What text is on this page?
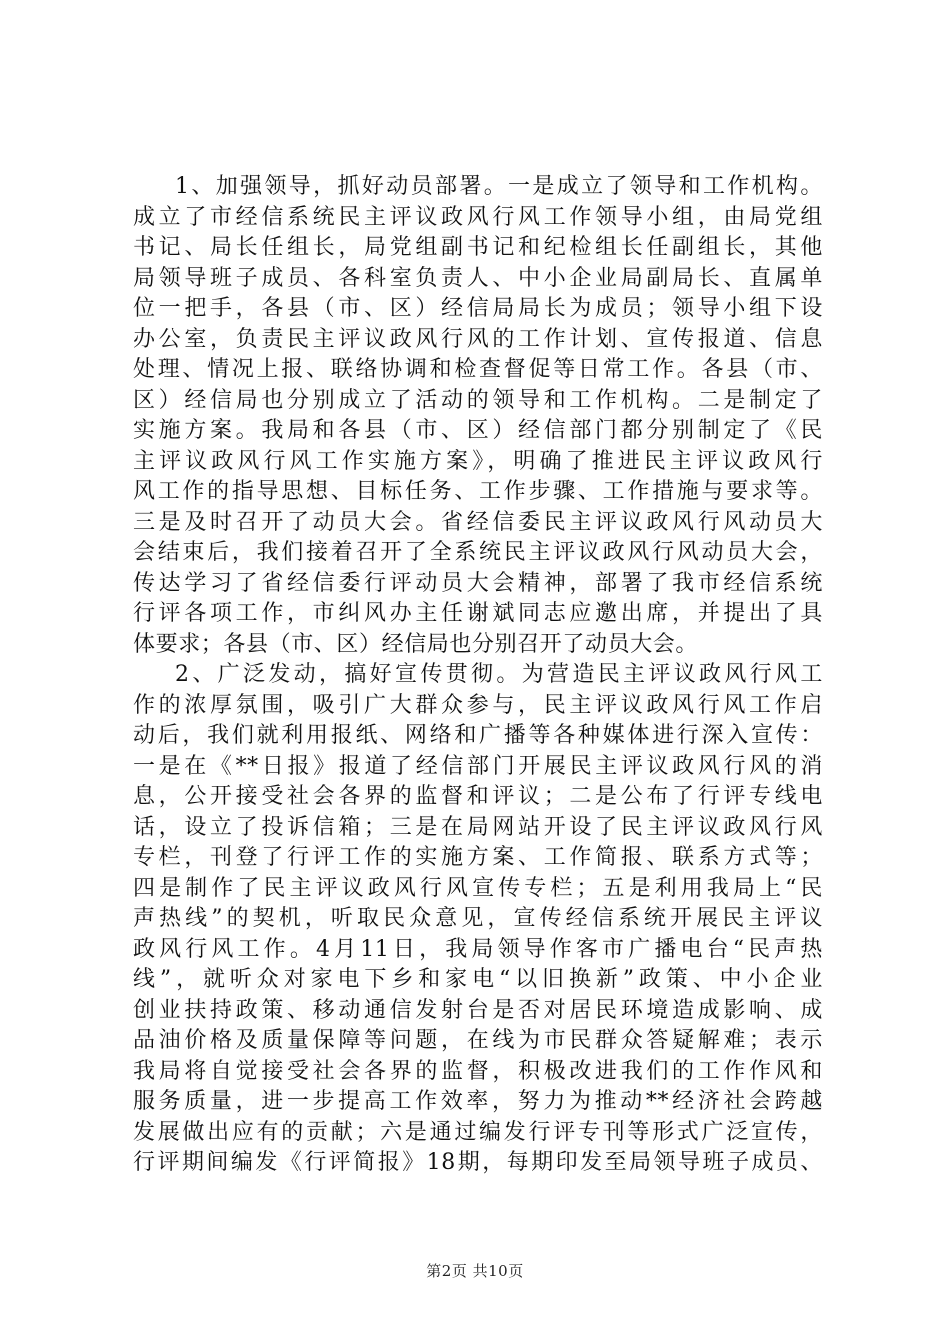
1、加强领导，抓好动员部署。一是成立了领导和工作机构。
成立了市经信系统民主评议政风行风工作领导小组，由局党组
书记、局长任组长，局党组副书记和纪检组长任副组长，其他
局领导班子成员、各科室负责人、中小企业局副局长、直属单
位一把手，各县（市、区）经信局局长为成员；领导小组下设
办公室，负责民主评议政风行风的工作计划、宣传报道、信息
处理、情况上报、联络协调和检查督促等日常工作。各县（市、
区）经信局也分别成立了活动的领导和工作机构。二是制定了
实施方案。我局和各县（市、区）经信部门都分别制定了《民
主评议政风行风工作实施方案》，明确了推进民主评议政风行
风工作的指导思想、目标任务、工作步骤、工作措施与要求等。
三是及时召开了动员大会。省经信委民主评议政风行风动员大
会结束后，我们接着召开了全系统民主评议政风行风动员大会，
传达学习了省经信委行评动员大会精神，部署了我市经信系统
行评各项工作，市纠风办主任谢斌同志应邀出席，并提出了具
体要求；各县（市、区）经信局也分别召开了动员大会。
2、广泛发动，搞好宣传贯彻。为营造民主评议政风行风工
作的浓厚氛围，吸引广大群众参与，民主评议政风行风工作启
动后，我们就利用报纸、网络和广播等各种媒体进行深入宣传：
一是在《**日报》报道了经信部门开展民主评议政风行风的消
息，公开接受社会各界的监督和评议；二是公布了行评专线电
话，设立了投诉信箱；三是在局网站开设了民主评议政风行风
专栏，刊登了行评工作的实施方案、工作简报、联系方式等；
四是制作了民主评议政风行风宣传专栏；五是利用我局上“民
声热线”的契机，听取民众意见，宣传经信系统开展民主评议
政风行风工作。4月11日，我局领导作客市广播电台“民声热
线”，就听众对家电下乡和家电“以旧换新”政策、中小企业
创业扶持政策、移动通信发射台是否对居民环境造成影响、成
品油价格及质量保障等问题，在线为市民群众答疑解难；表示
我局将自觉接受社会各界的监督，积极改进我们的工作作风和
服务质量，进一步提高工作效率，努力为推动**经济社会跨越
发展做出应有的贡献；六是通过编发行评专刊等形式广泛宣传，
行评期间编发《行评简报》18期，每期印发至局领导班子成员、
第2页 共10页
